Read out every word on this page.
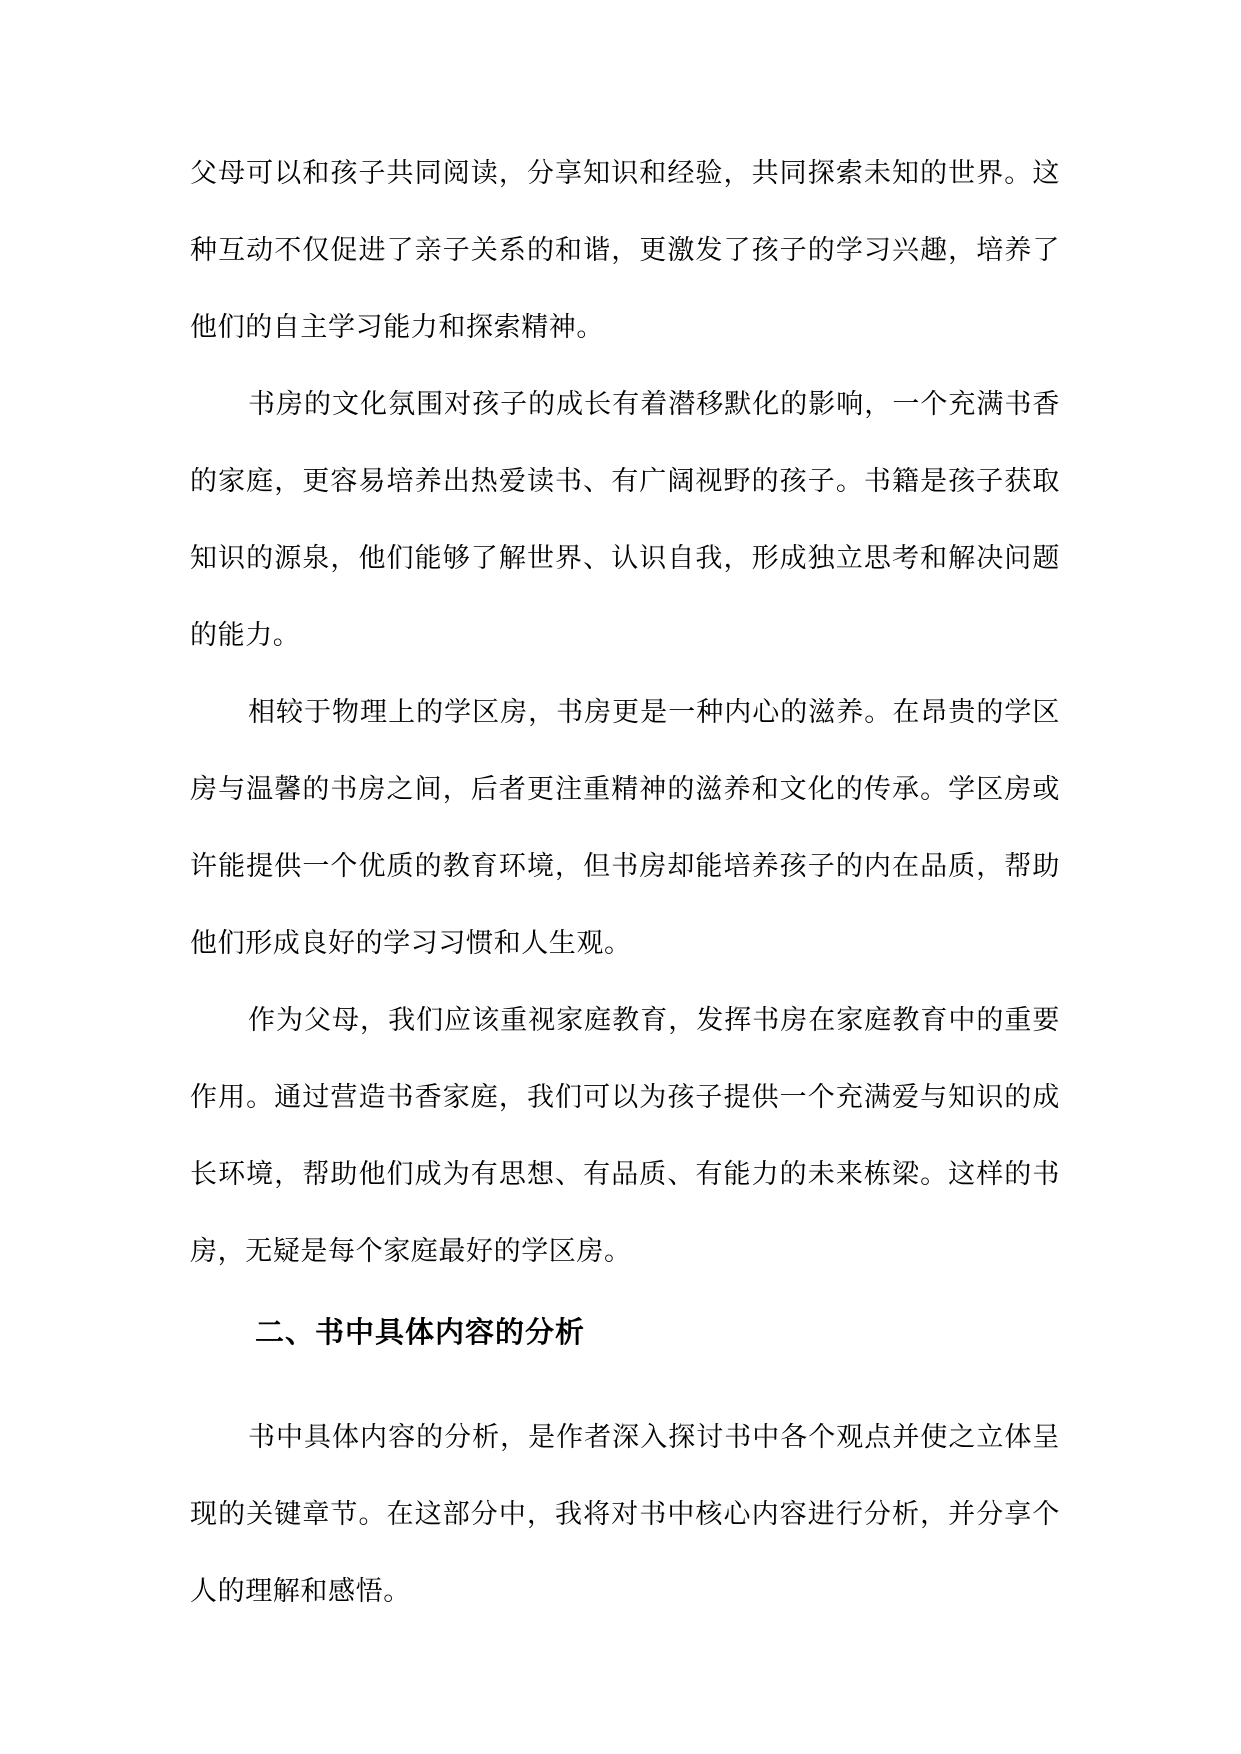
父母可以和孩子共同阅读，分享知识和经验，共同探索未知的世界。这种互动不仅促进了亲子关系的和谐，更激发了孩子的学习兴趣，培养了他们的自主学习能力和探索精神。

书房的文化氛围对孩子的成长有着潜移默化的影响，一个充满书香的家庭，更容易培养出热爱读书、有广阔视野的孩子。书籍是孩子获取知识的源泉，他们能够了解世界、认识自我，形成独立思考和解决问题的能力。

相较于物理上的学区房，书房更是一种内心的滋养。在昂贵的学区房与温馨的书房之间，后者更注重精神的滋养和文化的传承。学区房或许能提供一个优质的教育环境，但书房却能培养孩子的内在品质，帮助他们形成良好的学习习惯和人生观。

作为父母，我们应该重视家庭教育，发挥书房在家庭教育中的重要作用。通过营造书香家庭，我们可以为孩子提供一个充满爱与知识的成长环境，帮助他们成为有思想、有品质、有能力的未来栋梁。这样的书房，无疑是每个家庭最好的学区房。

二、书中具体内容的分析

书中具体内容的分析，是作者深入探讨书中各个观点并使之立体呈现的关键章节。在这部分中，我将对书中核心内容进行分析，并分享个人的理解和感悟。
